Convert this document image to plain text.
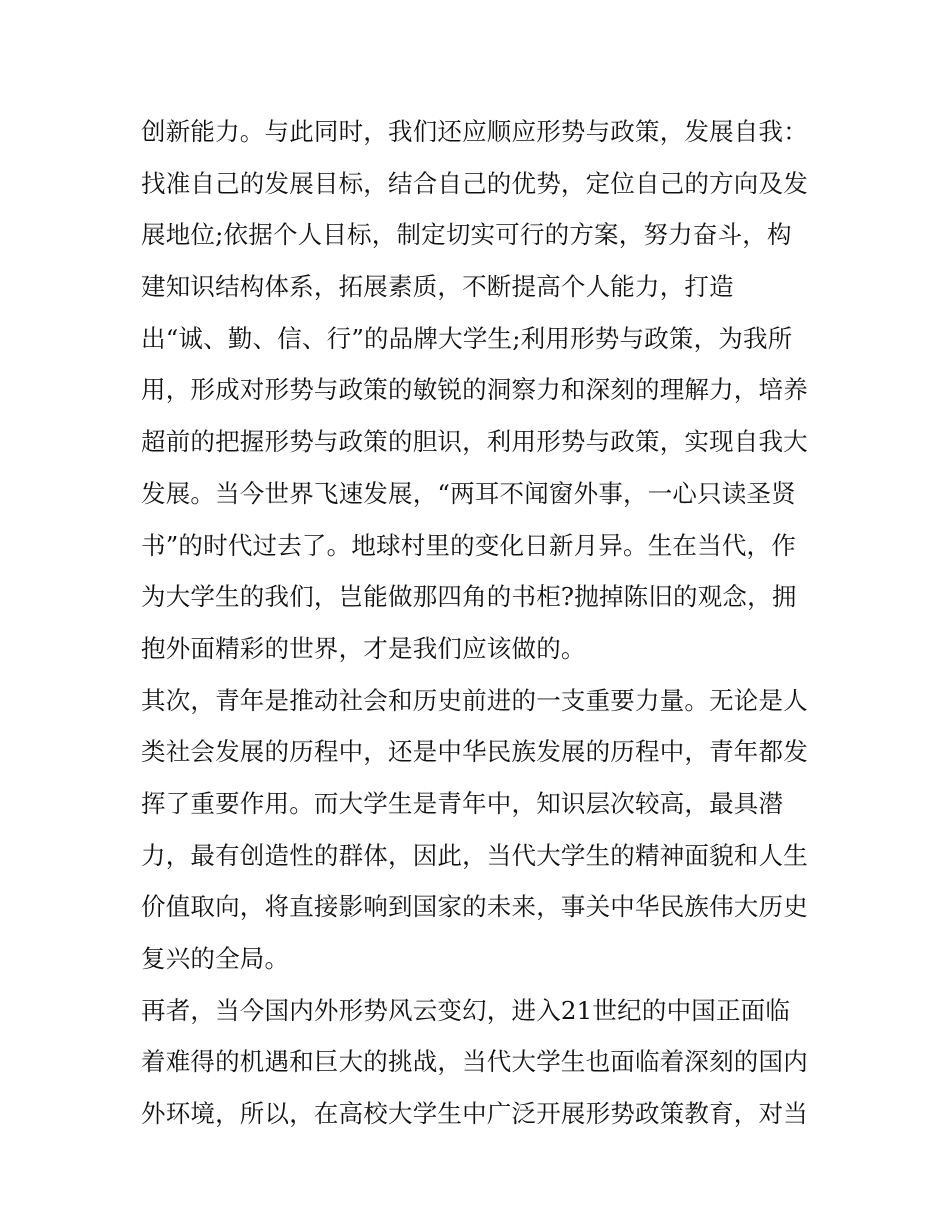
创新能力。与此同时，我们还应顺应形势与政策，发展自我：
找准自己的发展目标，结合自己的优势，定位自己的方向及发
展地位;依据个人目标，制定切实可行的方案，努力奋斗，构
建知识结构体系，拓展素质，不断提高个人能力，打造
出“诚、勤、信、行”的品牌大学生;利用形势与政策，为我所
用，形成对形势与政策的敏锐的洞察力和深刻的理解力，培养
超前的把握形势与政策的胆识，利用形势与政策，实现自我大
发展。当今世界飞速发展，“两耳不闻窗外事，一心只读圣贤
书”的时代过去了。地球村里的变化日新月异。生在当代，作
为大学生的我们，岂能做那四角的书柜?抛掉陈旧的观念，拥
抱外面精彩的世界，才是我们应该做的。
其次，青年是推动社会和历史前进的一支重要力量。无论是人
类社会发展的历程中，还是中华民族发展的历程中，青年都发
挥了重要作用。而大学生是青年中，知识层次较高，最具潜
力，最有创造性的群体，因此，当代大学生的精神面貌和人生
价值取向，将直接影响到国家的未来，事关中华民族伟大历史
复兴的全局。
再者，当今国内外形势风云变幻，进入21世纪的中国正面临
着难得的机遇和巨大的挑战，当代大学生也面临着深刻的国内
外环境，所以，在高校大学生中广泛开展形势政策教育，对当
